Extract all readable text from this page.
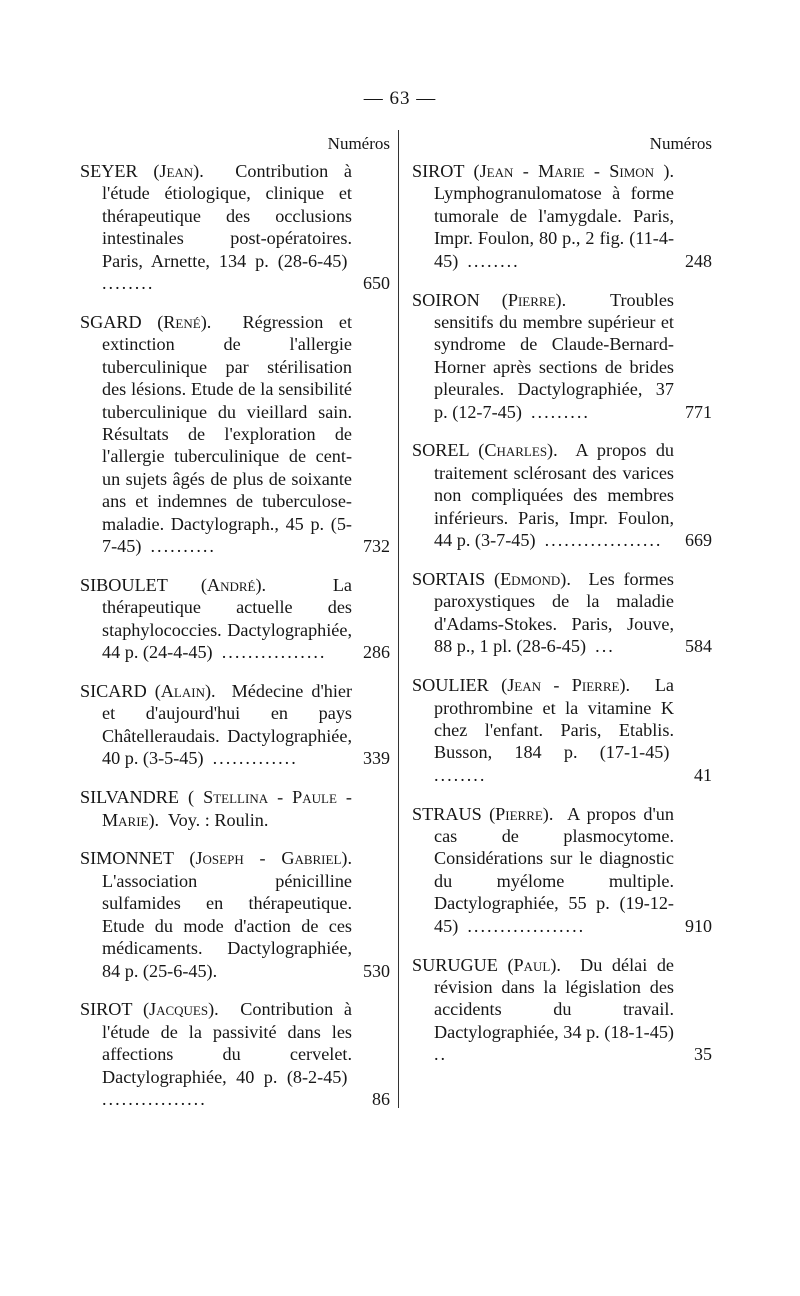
— 63 —
Numéros	Numéros
SEYER (Jean).  Contribution à l'étude étiologique, clinique et thérapeutique des occlusions intestinales post-opératoires. Paris, Arnette, 134 p. (28-6-45)  ........	650
SGARD (René).  Régression et extinction de l'allergie tuberculinique par stérilisation des lésions. Etude de la sensibilité tuberculinique du vieillard sain. Résultats de l'exploration de l'allergie tuberculinique de cent-un sujets âgés de plus de soixante ans et indemnes de tuberculose-maladie. Dactylograph., 45 p. (5-7-45)  ..........	732
SIBOULET (André).  La thérapeutique actuelle des staphylococcies. Dactylographiée, 44 p. (24-4-45)  ................	286
SICARD (Alain).  Médecine d'hier et d'aujourd'hui en pays Châtelleraudais. Dactylographiée, 40 p. (3-5-45)  .............	339
SILVANDRE ( Stellina - Paule - Marie).  Voy. : Roulin.
SIMONNET (Joseph - Gabriel).  L'association pénicilline sulfamides en thérapeutique. Etude du mode d'action de ces médicaments. Dactylographiée, 84 p. (25-6-45).	530
SIROT (Jacques).  Contribution à l'étude de la passivité dans les affections du cervelet. Dactylographiée, 40 p. (8-2-45)  ................	86
SIROT (Jean - Marie - Simon ).  Lymphogranulomatose à forme tumorale de l'amygdale. Paris, Impr. Foulon, 80 p., 2 fig. (11-4-45)  ........	248
SOIRON (Pierre).  Troubles sensitifs du membre supérieur et syndrome de Claude-Bernard-Horner après sections de brides pleurales. Dactylographiée, 37 p. (12-7-45)  .........	771
SOREL (Charles).  A propos du traitement sclérosant des varices non compliquées des membres inférieurs. Paris, Impr. Foulon, 44 p. (3-7-45)  ..................	669
SORTAIS (Edmond).  Les formes paroxystiques de la maladie d'Adams-Stokes. Paris, Jouve, 88 p., 1 pl. (28-6-45)  ...	584
SOULIER (Jean - Pierre).  La prothrombine et la vitamine K chez l'enfant. Paris, Etablis. Busson, 184 p. (17-1-45)  ........	41
STRAUS (Pierre).  A propos d'un cas de plasmocytome. Considérations sur le diagnostic du myélome multiple. Dactylographiée, 55 p. (19-12-45)  ..................	910
SURUGUE (Paul).  Du délai de révision dans la législation des accidents du travail. Dactylographiée, 34 p. (18-1-45)  ..	35
